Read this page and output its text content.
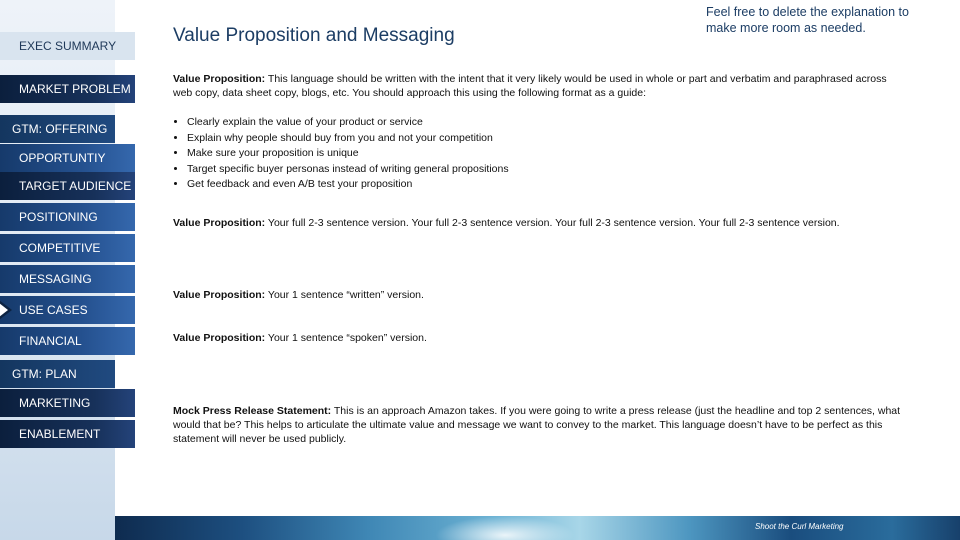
EXEC SUMMARY
MARKET PROBLEM
GTM: OFFERING
OPPORTUNTIY
TARGET AUDIENCE
POSITIONING
COMPETITIVE
MESSAGING
USE CASES
FINANCIAL
GTM: PLAN
MARKETING
ENABLEMENT
Value Proposition and Messaging
Feel free to delete the explanation to make more room as needed.
Value Proposition: This language should be written with the intent that it very likely would be used in whole or part and verbatim and paraphrased across web copy, data sheet copy, blogs, etc. You should approach this using the following format as a guide:
• Clearly explain the value of your product or service
• Explain why people should buy from you and not your competition
• Make sure your proposition is unique
• Target specific buyer personas instead of writing general propositions
• Get feedback and even A/B test your proposition
Value Proposition: Your full 2-3 sentence version. Your full 2-3 sentence version. Your full 2-3 sentence version. Your full 2-3 sentence version.
Value Proposition: Your 1 sentence “written” version.
Value Proposition: Your 1 sentence “spoken” version.
Mock Press Release Statement: This is an approach Amazon takes. If you were going to write a press release (just the headline and top 2 sentences, what would that be? This helps to articulate the ultimate value and message we want to convey to the market. This language doesn’t have to be perfect as this statement will never be used publicly.
Shoot the Curl Marketing
